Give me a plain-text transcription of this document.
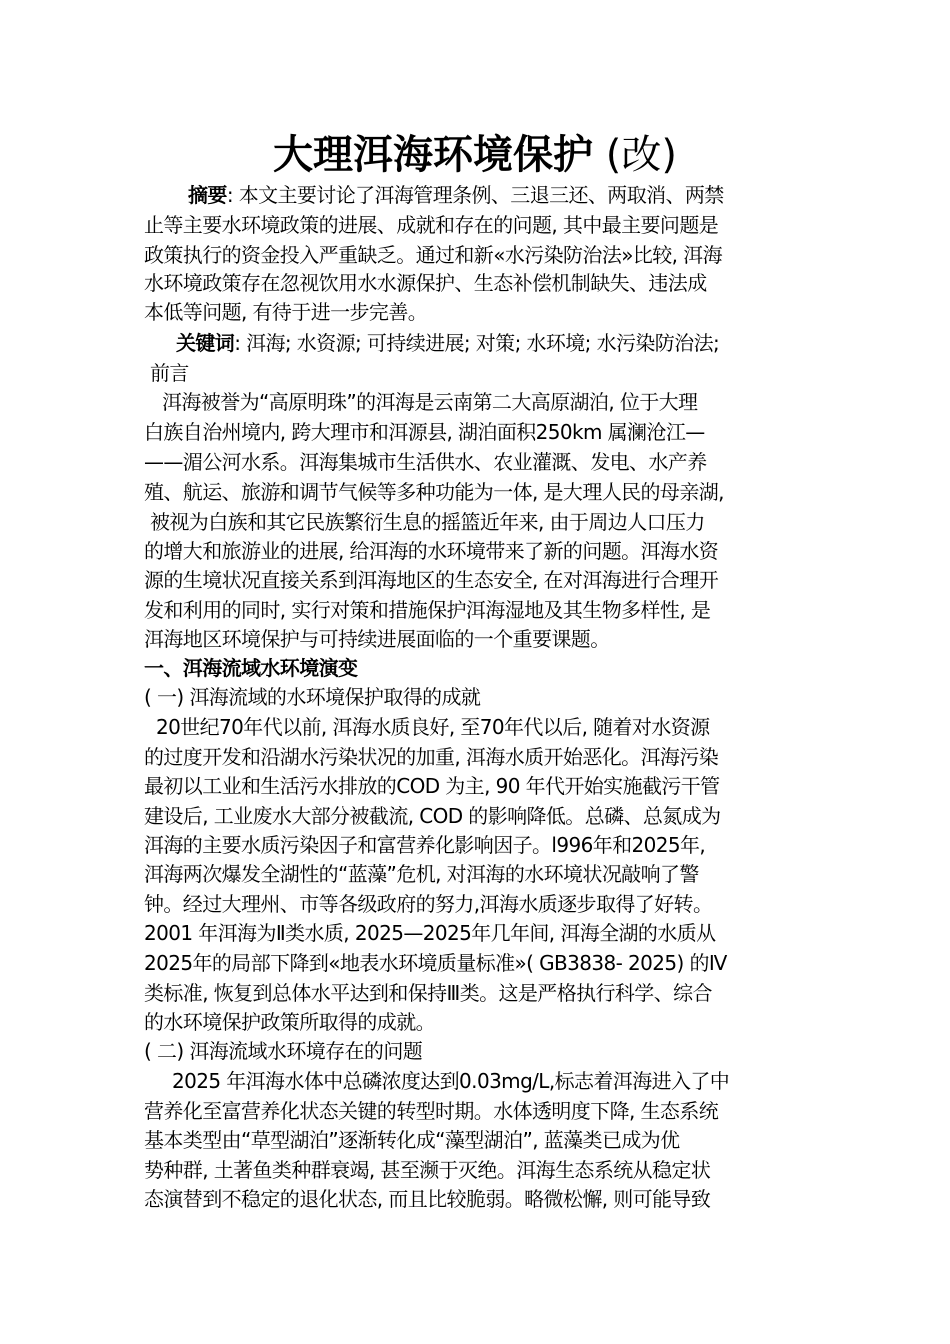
大理洱海环境保护 (改)
摘要: 本文主要讨论了洱海管理条例、三退三还、两取消、两禁
止等主要水环境政策的进展、成就和存在的问题, 其中最主要问题是
政策执行的资金投入严重缺乏。通过和新«水污染防治法»比较, 洱海
水环境政策存在忽视饮用水水源保护、生态补偿机制缺失、违法成
本低等问题, 有待于进一步完善。
关键词: 洱海; 水资源; 可持续进展; 对策; 水环境; 水污染防治法;
前言
洱海被誉为“高原明珠”的洱海是云南第二大高原湖泊, 位于大理
白族自治州境内, 跨大理市和洱源县, 湖泊面积250km 属澜沧江—
——湄公河水系。洱海集城市生活供水、农业灌溉、发电、水产养
殖、航运、旅游和调节气候等多种功能为一体, 是大理人民的母亲湖,
被视为白族和其它民族繁衍生息的摇篮近年来, 由于周边人口压力
的增大和旅游业的进展, 给洱海的水环境带来了新的问题。洱海水资
源的生境状况直接关系到洱海地区的生态安全, 在对洱海进行合理开
发和利用的同时, 实行对策和措施保护洱海湿地及其生物多样性, 是
洱海地区环境保护与可持续进展面临的一个重要课题。
一、洱海流域水环境演变
( 一) 洱海流域的水环境保护取得的成就
20世纪70年代以前, 洱海水质良好, 至70年代以后, 随着对水资源
的过度开发和沿湖水污染状况的加重, 洱海水质开始恶化。洱海污染
最初以工业和生活污水排放的COD 为主, 90 年代开始实施截污干管
建设后, 工业废水大部分被截流, COD 的影响降低。总磷、总氮成为
洱海的主要水质污染因子和富营养化影响因子。l996年和2025年,
洱海两次爆发全湖性的“蓝藻”危机, 对洱海的水环境状况敲响了警
钟。经过大理州、市等各级政府的努力,洱海水质逐步取得了好转。
2001 年洱海为Ⅱ类水质, 2025—2025年几年间, 洱海全湖的水质从
2025年的局部下降到«地表水环境质量标准»( GB3838- 2025) 的Ⅳ
类标准, 恢复到总体水平达到和保持Ⅲ类。这是严格执行科学、综合
的水环境保护政策所取得的成就。
( 二) 洱海流域水环境存在的问题
2025 年洱海水体中总磷浓度达到0.03mg/L,标志着洱海进入了中
营养化至富营养化状态关键的转型时期。水体透明度下降, 生态系统
基本类型由“草型湖泊”逐渐转化成“藻型湖泊”, 蓝藻类已成为优
势种群, 土著鱼类种群衰竭, 甚至濒于灭绝。洱海生态系统从稳定状
态演替到不稳定的退化状态, 而且比较脆弱。略微松懈, 则可能导致
